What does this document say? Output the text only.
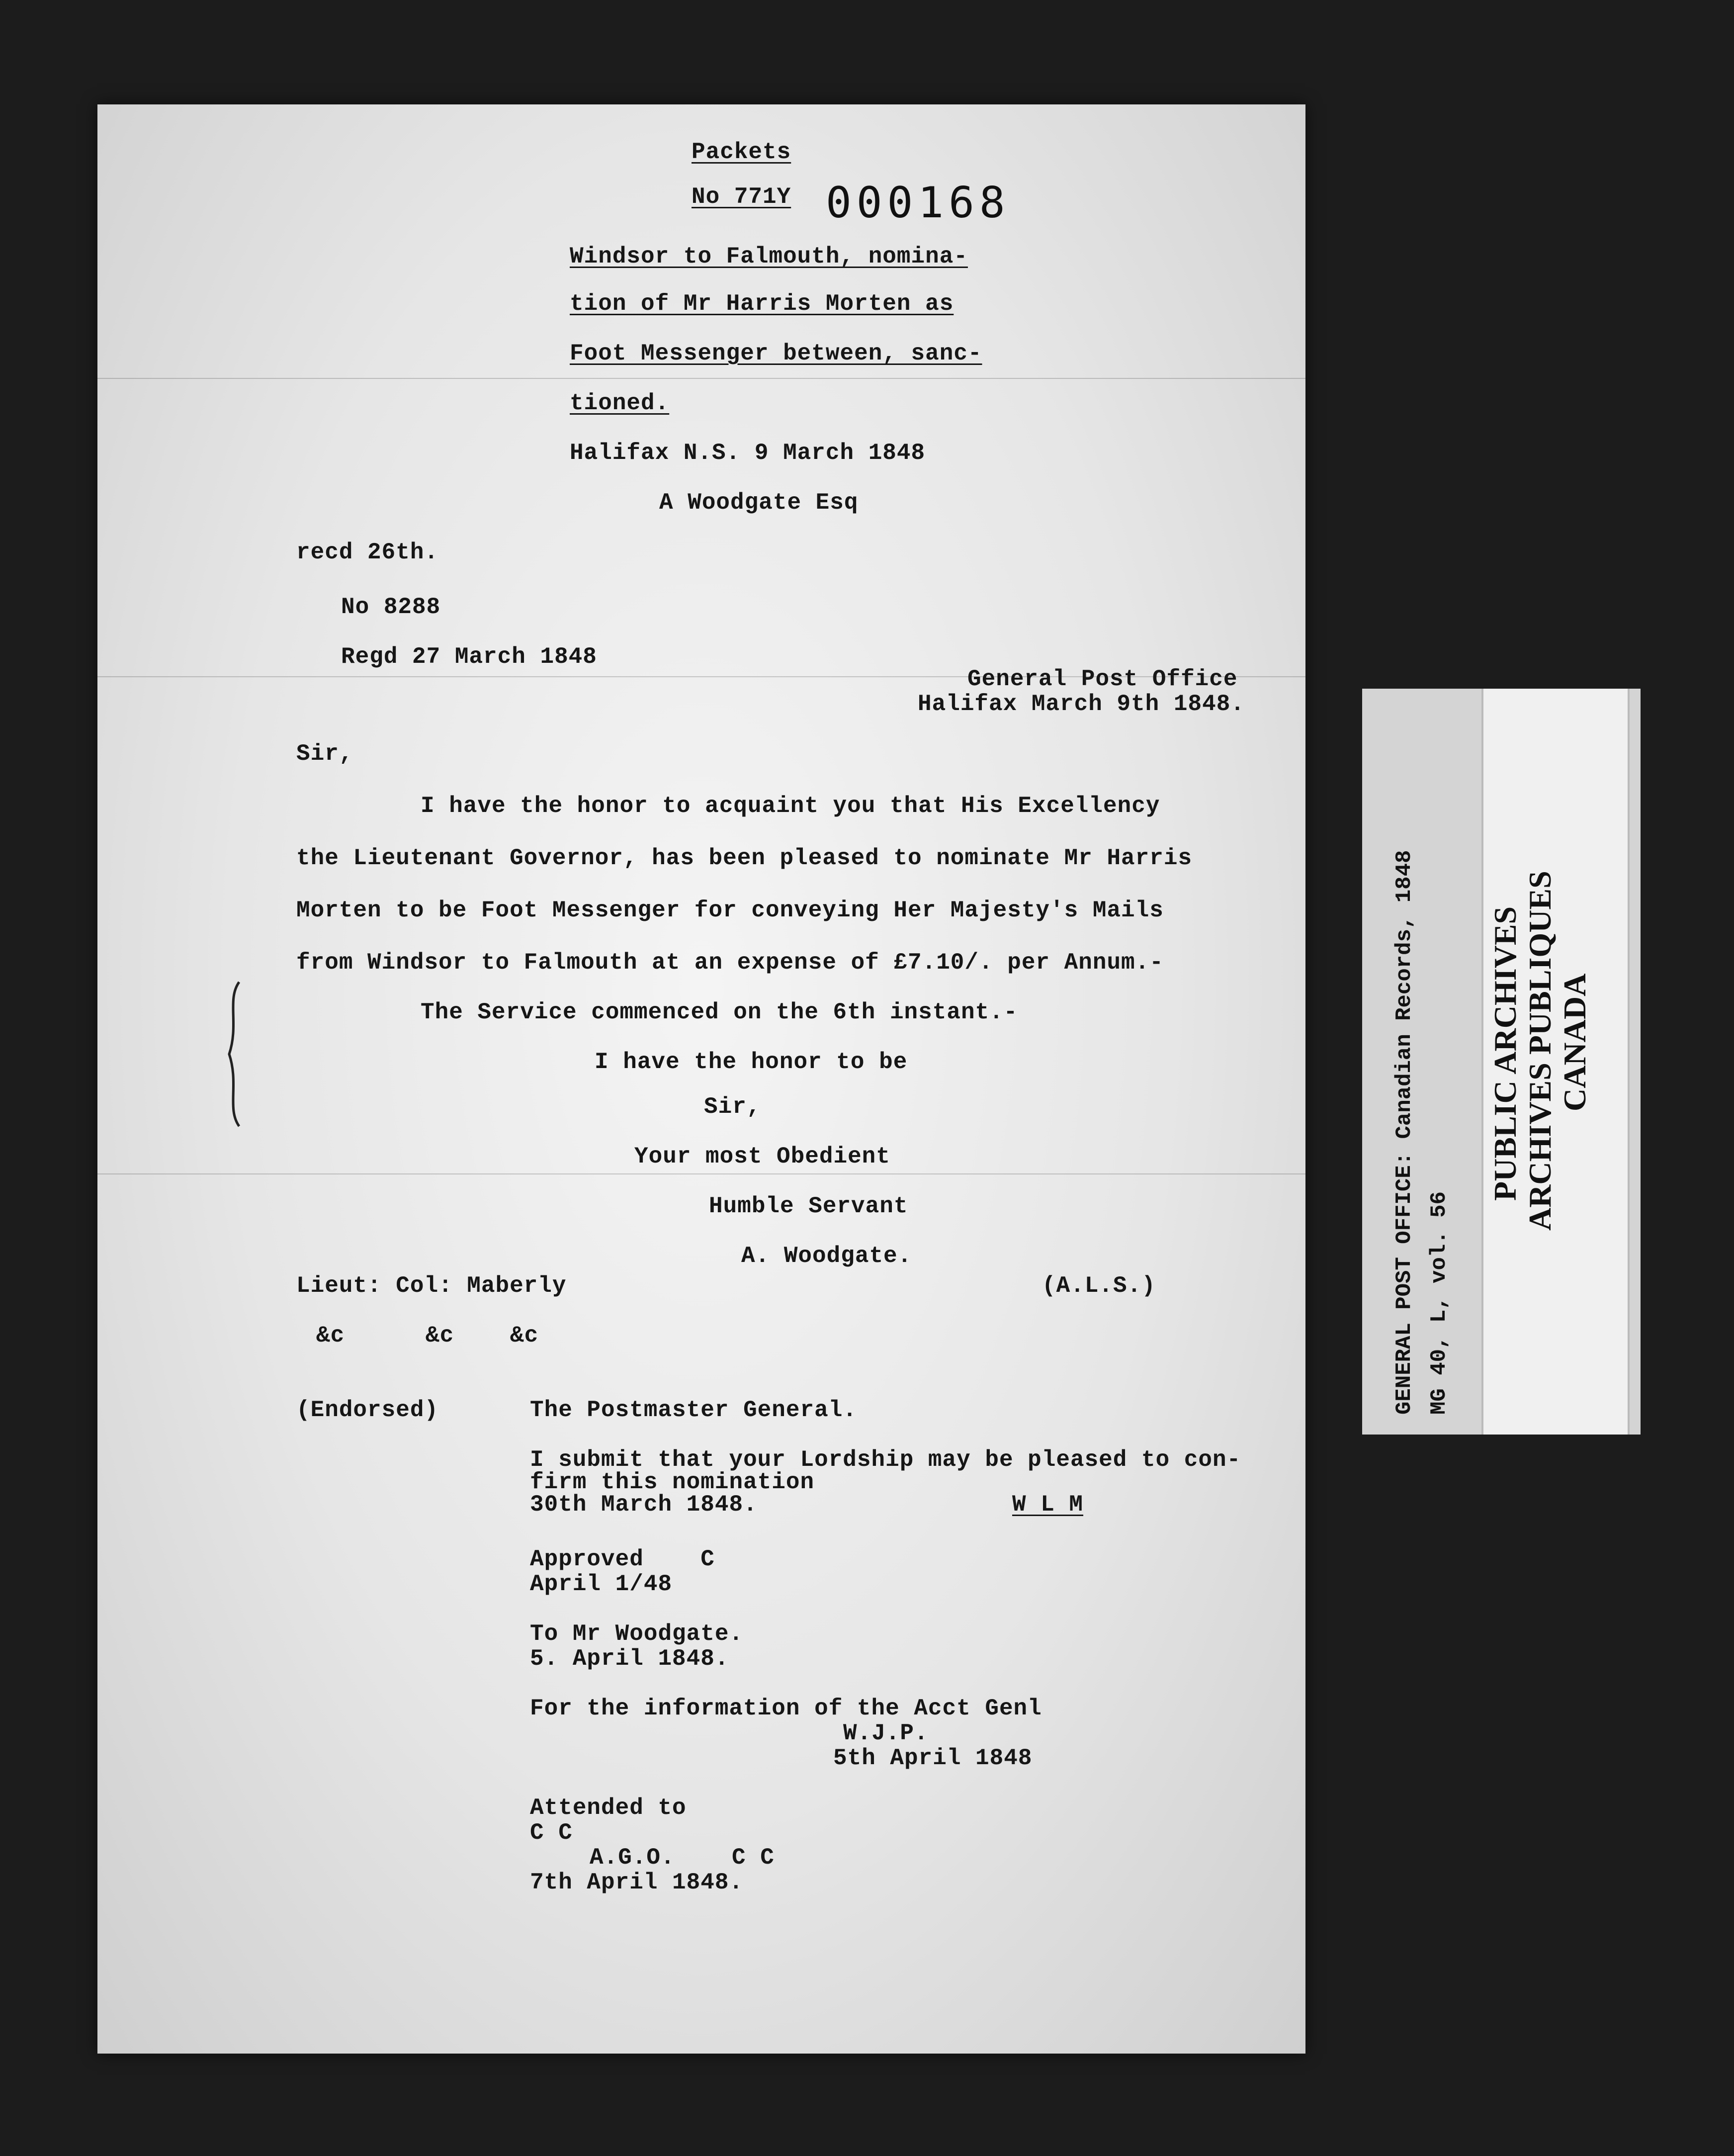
Packets
No 771Y 000168
Windsor to Falmouth, nomina-
tion of Mr Harris Morten as
Foot Messenger between, sanc-
tioned.
Halifax N.S. 9 March 1848
A Woodgate Esq
recd 26th.
No 8288
Regd 27 March 1848
General Post Office
Halifax March 9th 1848.
Sir,
I have the honor to acquaint you that His Excellency
the Lieutenant Governor, has been pleased to nominate Mr Harris
Morten to be Foot Messenger for conveying Her Majesty's Mails
from Windsor to Falmouth at an expense of £7.10/. per Annum.-
The Service commenced on the 6th instant.-
I have the honor to be
Sir,
Your most Obedient
Humble Servant
A. Woodgate.
Lieut: Col: Maberly	(A.L.S.)
&c	&c &c
(Endorsed)	The Postmaster General.
I submit that your Lordship may be pleased to con-
firm this nomination
30th March 1848.	W L M
Approved    C
April 1/48
To Mr Woodgate.
5. April 1848.
For the information of the Acct Genl
W.J.P.
5th April 1848
Attended to
C C
A.G.O.    C C
7th April 1848.
GENERAL POST OFFICE: Canadian Records, 1848 MG 40, L, vol. 56
PUBLIC ARCHIVES ARCHIVES PUBLIQUES CANADA
